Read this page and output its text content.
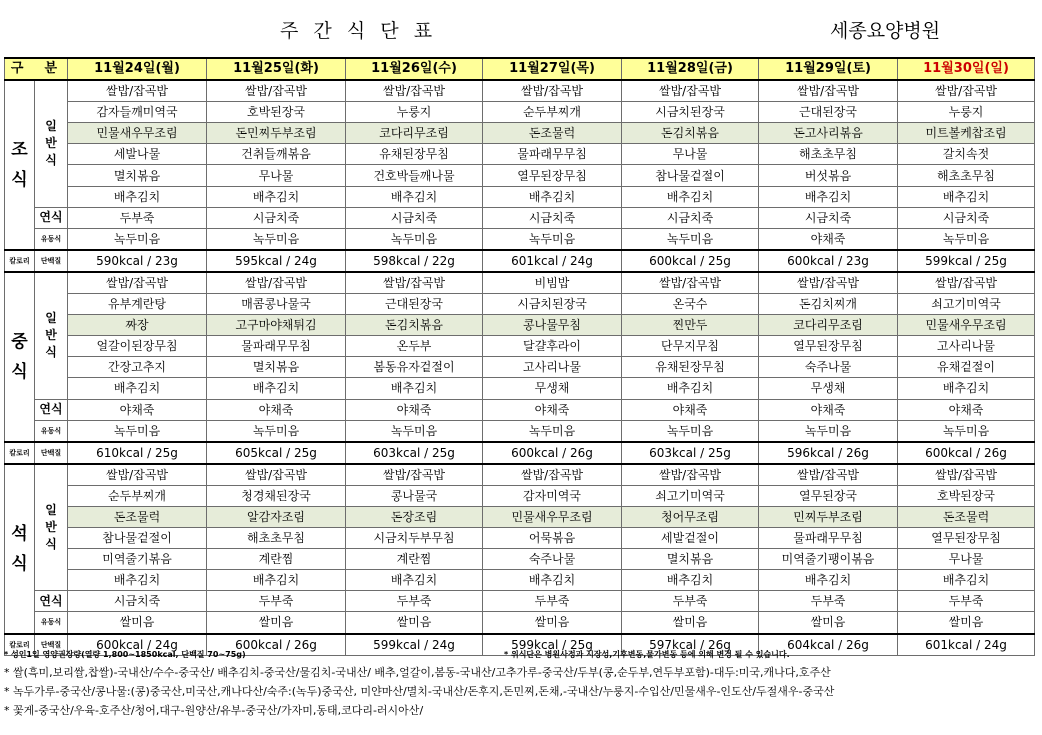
주  간  식  단  표	세종요양병원
구  분		11월24일(월)	11월25일(화)	11월26일(수)	11월27일(목)	11월28일(금)	11월29일(토)	11월30일(일)
조
식	일
반
식	쌀밥/잡곡밥	쌀밥/잡곡밥	쌀밥/잡곡밥	쌀밥/잡곡밥	쌀밥/잡곡밥	쌀밥/잡곡밥	쌀밥/잡곡밥
		감자들깨미역국	호박된장국	누룽지	순두부찌개	시금치된장국	근대된장국	누룽지
		민물새우무조림	돈민찌두부조림	코다리무조림	돈조물럭	돈김치볶음	돈고사리볶음	미트볼케찹조림
		세발나물	건취들깨볶음	유채된장무침	물파래무무침	무나물	해초초무침	갈치속젓
		멸치볶음	무나물	건호박들깨나물	열무된장무침	참나물겉절이	버섯볶음	해초초무침
		배추김치	배추김치	배추김치	배추김치	배추김치	배추김치	배추김치
	연식	두부죽	시금치죽	시금치죽	시금치죽	시금치죽	시금치죽	시금치죽
	유동식	녹두미음	녹두미음	녹두미음	녹두미음	녹두미음	야채죽	녹두미음
칼로리	단백질	590kcal / 23g	595kcal / 24g	598kcal / 22g	601kcal / 24g	600kcal / 25g	600kcal / 23g	599kcal / 25g
중
식	일
반
식	쌀밥/잡곡밥	쌀밥/잡곡밥	쌀밥/잡곡밥	비빔밥	쌀밥/잡곡밥	쌀밥/잡곡밥	쌀밥/잡곡밥
		유부계란탕	매콤콩나물국	근대된장국	시금치된장국	온국수	돈김치찌개	쇠고기미역국
		짜장	고구마야채튀김	돈김치볶음	콩나물무침	찐만두	코다리무조림	민물새우무조림
		얼갈이된장무침	물파래무무침	온두부	달걀후라이	단무지무침	열무된장무침	고사리나물
		간장고추지	멸치볶음	봄동유자겉절이	고사리나물	유채된장무침	숙주나물	유채겉절이
		배추김치	배추김치	배추김치	무생채	배추김치	무생채	배추김치
	연식	야채죽	야채죽	야채죽	야채죽	야채죽	야채죽	야채죽
	유동식	녹두미음	녹두미음	녹두미음	녹두미음	녹두미음	녹두미음	녹두미음
칼로리	단백질	610kcal / 25g	605kcal / 25g	603kcal / 25g	600kcal / 26g	603kcal / 25g	596kcal / 26g	600kcal / 26g
석
식	일
반
식	쌀밥/잡곡밥	쌀밥/잡곡밥	쌀밥/잡곡밥	쌀밥/잡곡밥	쌀밥/잡곡밥	쌀밥/잡곡밥	쌀밥/잡곡밥
		순두부찌개	청경채된장국	콩나물국	감자미역국	쇠고기미역국	열무된장국	호박된장국
		돈조물럭	알감자조림	돈장조림	민물새우무조림	청어무조림	민찌두부조림	돈조물럭
		참나물겉절이	해초초무침	시금치두부무침	어묵볶음	세발겉절이	물파래무무침	열무된장무침
		미역줄기볶음	계란찜	계란찜	숙주나물	멸치볶음	미역줄기팽이볶음	무나물
		배추김치	배추김치	배추김치	배추김치	배추김치	배추김치	배추김치
	연식	시금치죽	두부죽	두부죽	두부죽	두부죽	두부죽	두부죽
	유동식	쌀미음	쌀미음	쌀미음	쌀미음	쌀미음	쌀미음	쌀미음
칼로리	단백질	600kcal / 24g	600kcal / 26g	599kcal / 24g	599kcal / 25g	597kcal / 26g	604kcal / 26g	601kcal / 24g
* 성인1일 영양권장량(열량 1,800~1850kcal, 단백질 70~75g)	* 위식단은 병원사정과 시장성,기후변동,물가변동 등에 의해 변경 될 수 있습니다.
* 쌀(흑미,보리쌀,찹쌀)-국내산/수수-중국산/ 배추김치-중국산/물김치-국내산/ 배추,얼갈이,봄동-국내산/고추가루-중국산/두부(콩,순두부,연두부포함)-대두:미국,캐나다,호주산
* 녹두가루-중국산/콩나물:(콩)중국산,미국산,캐나다산/숙주:(녹두)중국산, 미얀마산/멸치-국내산/돈후지,돈민찌,돈채,-국내산/누룽지-수입산/민물새우-인도산/두절새우-중국산
* 꽃게-중국산/우육-호주산/청어,대구-원양산/유부-중국산/가자미,동태,코다리-러시아산/
